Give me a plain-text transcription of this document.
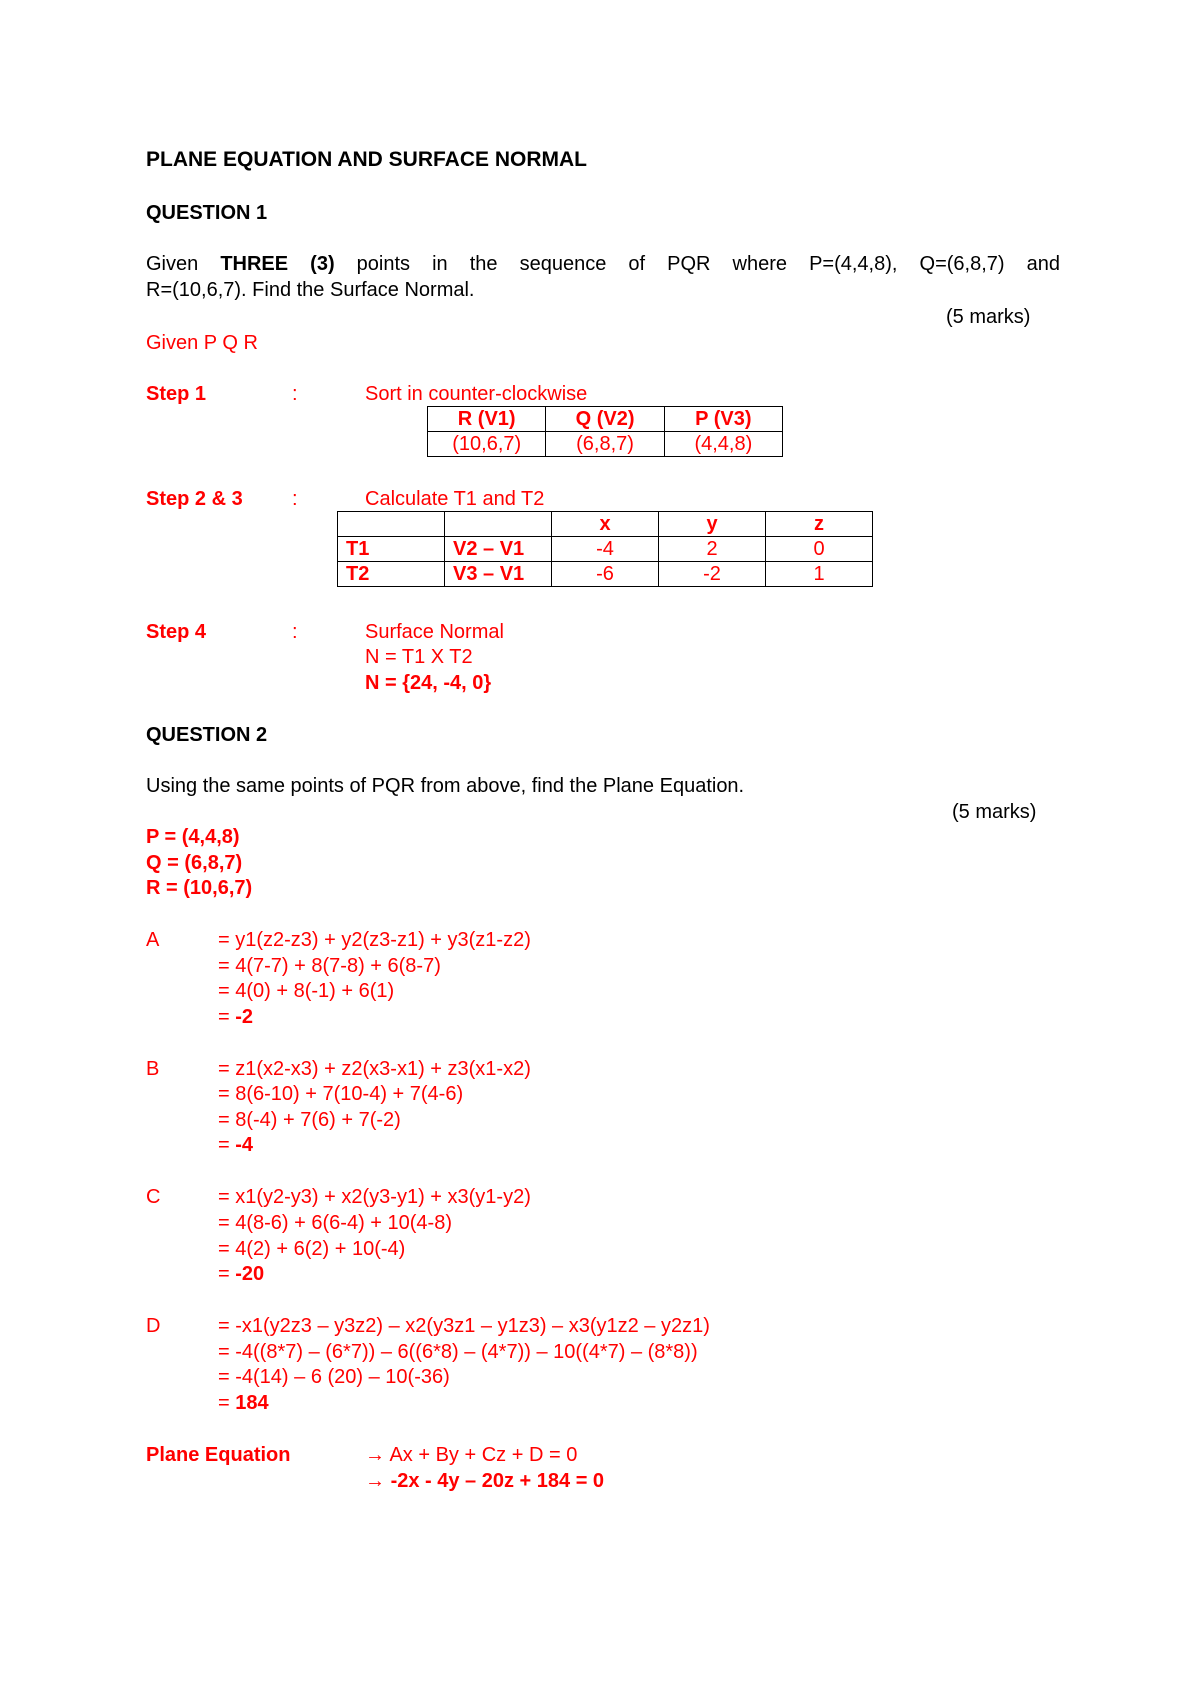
PLANE EQUATION AND SURFACE NORMAL
QUESTION 1
Given THREE (3) points in the sequence of PQR where P=(4,4,8), Q=(6,8,7) and
R=(10,6,7). Find the Surface Normal.
(5 marks)
Given P Q R
Step 1	:	Sort in counter-clockwise
R (V1)	Q (V2)	P (V3)
(10,6,7)	(6,8,7)	(4,4,8)
Step 2 & 3 :	Calculate T1 and T2
		x	y	z
T1	V2 – V1	-4	2	0
T2	V3 – V1	-6	-2	1
Step 4	:	Surface Normal
N = T1 X T2
N = {24, -4, 0}
QUESTION 2
Using the same points of PQR from above, find the Plane Equation.
(5 marks)
P = (4,4,8)
Q = (6,8,7)
R = (10,6,7)
A	= y1(z2-z3) + y2(z3-z1) + y3(z1-z2)
= 4(7-7) + 8(7-8) + 6(8-7)
= 4(0) + 8(-1) + 6(1)
= -2
B	= z1(x2-x3) + z2(x3-x1) + z3(x1-x2)
= 8(6-10) + 7(10-4) + 7(4-6)
= 8(-4) + 7(6) + 7(-2)
= -4
C	= x1(y2-y3) + x2(y3-y1) + x3(y1-y2)
= 4(8-6) + 6(6-4) + 10(4-8)
= 4(2) + 6(2) + 10(-4)
= -20
D	= -x1(y2z3 – y3z2) – x2(y3z1 – y1z3) – x3(y1z2 – y2z1)
= -4((8*7) – (6*7)) – 6((6*8) – (4*7)) – 10((4*7) – (8*8))
= -4(14) – 6 (20) – 10(-36)
= 184
Plane Equation	→ Ax + By + Cz + D = 0
→ -2x - 4y – 20z + 184 = 0
